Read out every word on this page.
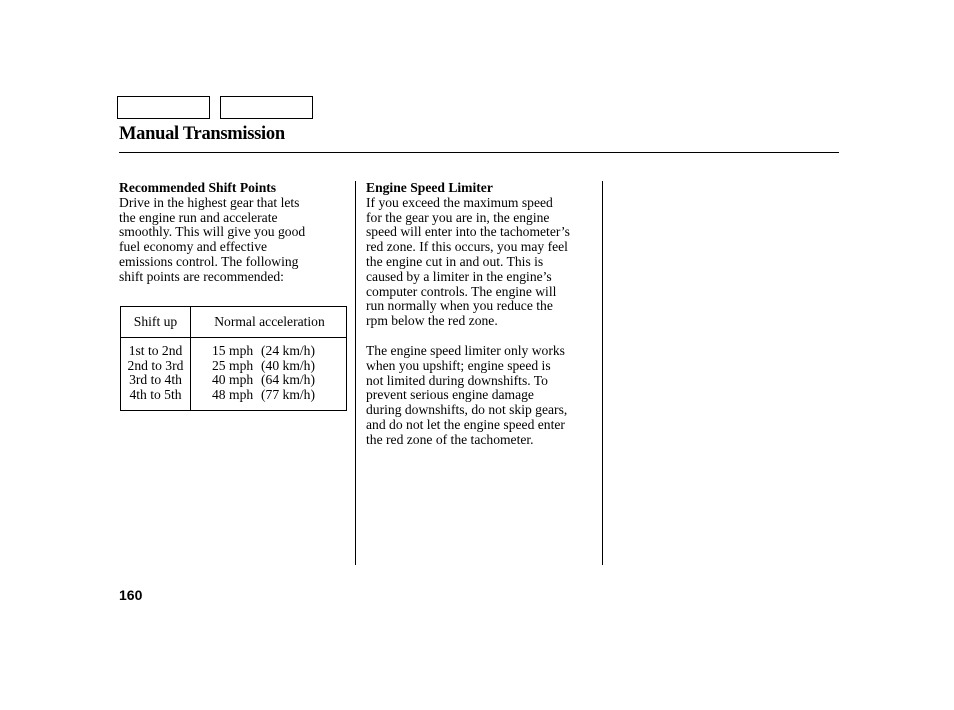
Manual Transmission
Recommended Shift Points
Drive in the highest gear that lets
the engine run and accelerate
smoothly. This will give you good
fuel economy and effective
emissions control. The following
shift points are recommended:
Shift up	Normal acceleration
1st to 2nd	15 mph (24 km/h)
2nd to 3rd	25 mph (40 km/h)
3rd to 4th	40 mph (64 km/h)
4th to 5th	48 mph (77 km/h)
Engine Speed Limiter
If you exceed the maximum speed
for the gear you are in, the engine
speed will enter into the tachometer’s
red zone. If this occurs, you may feel
the engine cut in and out. This is
caused by a limiter in the engine’s
computer controls. The engine will
run normally when you reduce the
rpm below the red zone.
The engine speed limiter only works
when you upshift; engine speed is
not limited during downshifts. To
prevent serious engine damage
during downshifts, do not skip gears,
and do not let the engine speed enter
the red zone of the tachometer.
160
